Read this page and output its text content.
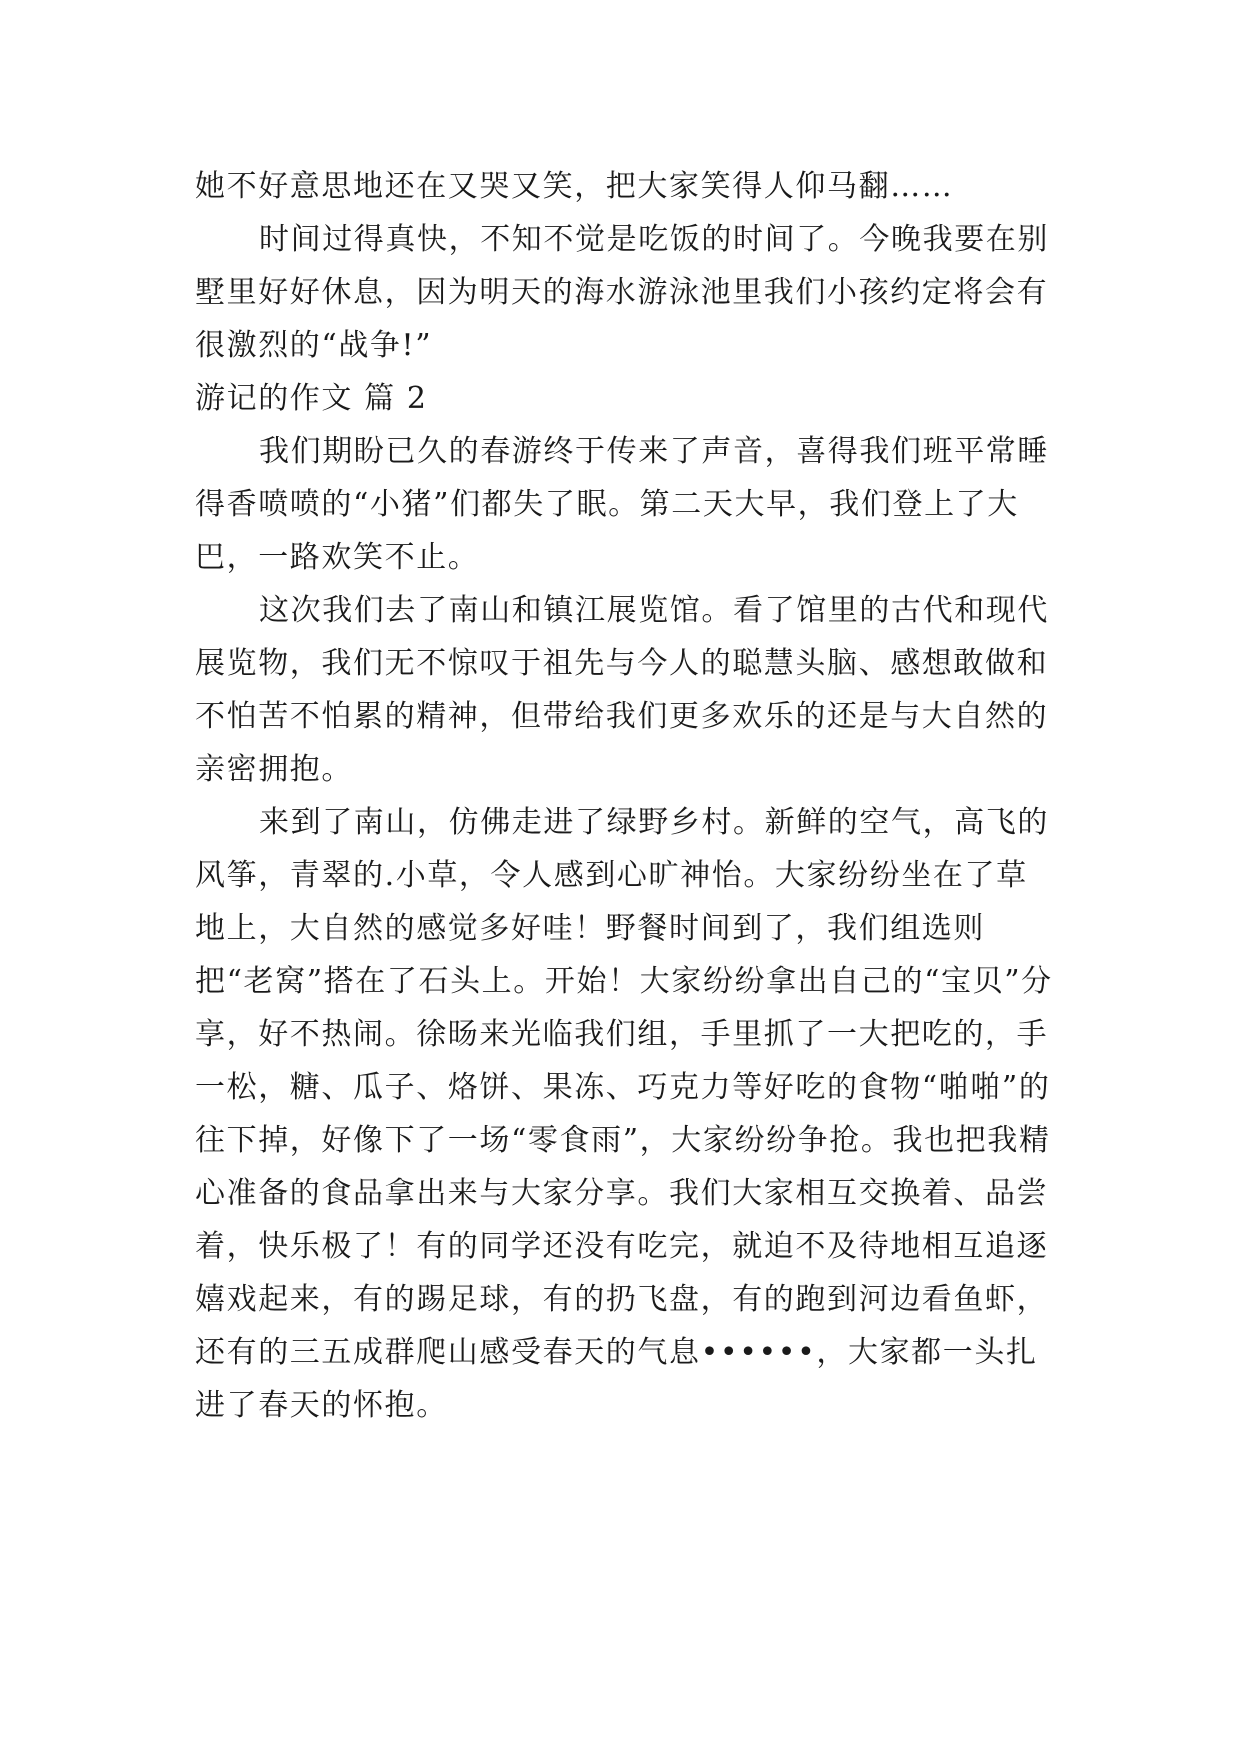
她不好意思地还在又哭又笑，把大家笑得人仰马翻……

时间过得真快，不知不觉是吃饭的时间了。今晚我要在别墅里好好休息，因为明天的海水游泳池里我们小孩约定将会有很激烈的“战争!”

游记的作文 篇 2

我们期盼已久的春游终于传来了声音，喜得我们班平常睡得香喷喷的“小猪”们都失了眠。第二天大早，我们登上了大巴，一路欢笑不止。

这次我们去了南山和镇江展览馆。看了馆里的古代和现代展览物，我们无不惊叹于祖先与今人的聪慧头脑、感想敢做和不怕苦不怕累的精神，但带给我们更多欢乐的还是与大自然的亲密拥抱。

来到了南山，仿佛走进了绿野乡村。新鲜的空气，高飞的风筝，青翠的.小草，令人感到心旷神怡。大家纷纷坐在了草地上，大自然的感觉多好哇！野餐时间到了，我们组选则把“老窝”搭在了石头上。开始！大家纷纷拿出自己的“宝贝”分享，好不热闹。徐旸来光临我们组，手里抓了一大把吃的，手一松，糖、瓜子、烙饼、果冻、巧克力等好吃的食物“啪啪”的往下掉，好像下了一场“零食雨”，大家纷纷争抢。我也把我精心准备的食品拿出来与大家分享。我们大家相互交换着、品尝着，快乐极了！有的同学还没有吃完，就迫不及待地相互追逐嬉戏起来，有的踢足球，有的扔飞盘，有的跑到河边看鱼虾，还有的三五成群爬山感受春天的气息••••••，大家都一头扎进了春天的怀抱。
